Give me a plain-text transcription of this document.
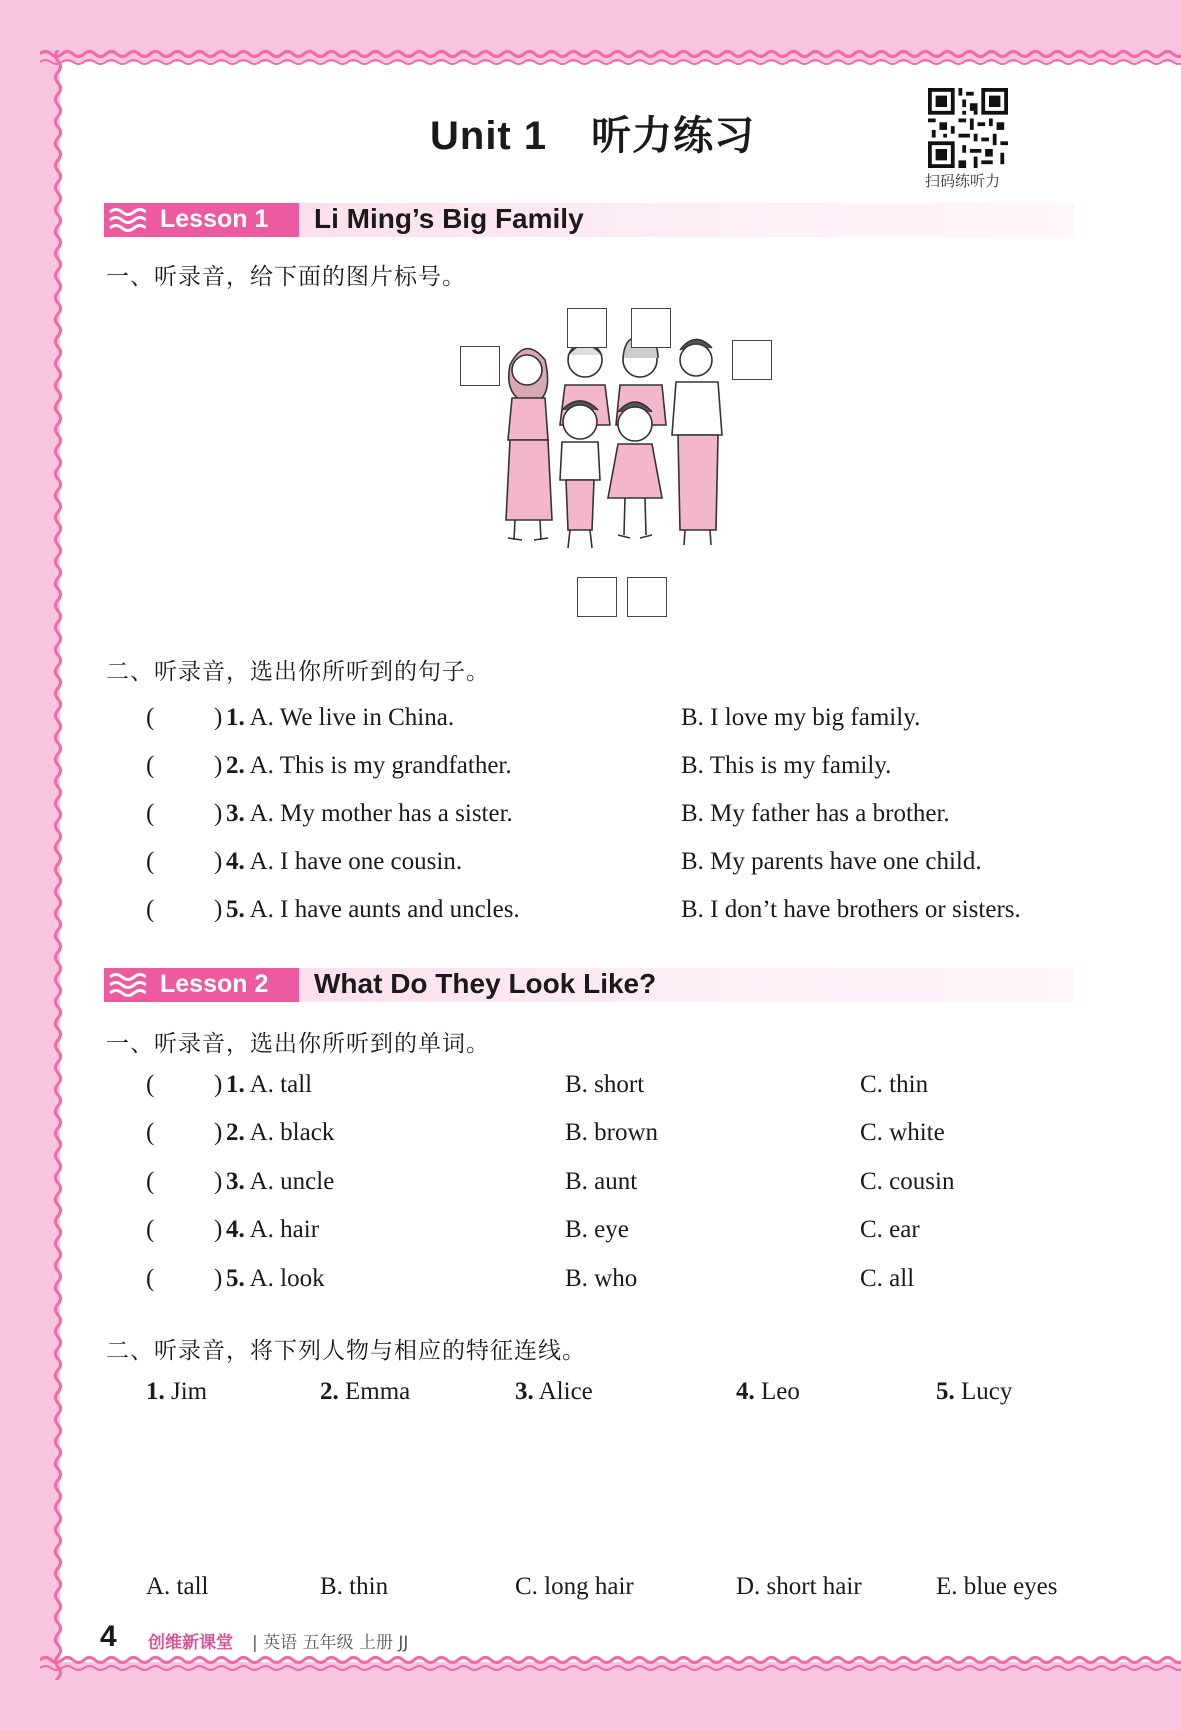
Unit 1 听力练习
扫码练听力
Lesson 1 Li Ming’s Big Family
一、听录音，给下面的图片标号。
二、听录音，选出你所听到的句子。
( ) 1. A. We live in China.	B. I love my big family.
( ) 2. A. This is my grandfather.	B. This is my family.
( ) 3. A. My mother has a sister.	B. My father has a brother.
( ) 4. A. I have one cousin.	B. My parents have one child.
( ) 5. A. I have aunts and uncles.	B. I don’t have brothers or sisters.
Lesson 2 What Do They Look Like?
一、听录音，选出你所听到的单词。
( ) 1. A. tall	B. short	C. thin
( ) 2. A. black	B. brown	C. white
( ) 3. A. uncle	B. aunt	C. cousin
( ) 4. A. hair	B. eye	C. ear
( ) 5. A. look	B. who	C. all
二、听录音，将下列人物与相应的特征连线。
1. Jim	2. Emma	3. Alice	4. Leo	5. Lucy
A. tall	B. thin	C. long hair	D. short hair	E. blue eyes
4 创维新课堂 | 英语 五年级 上册 JJ
